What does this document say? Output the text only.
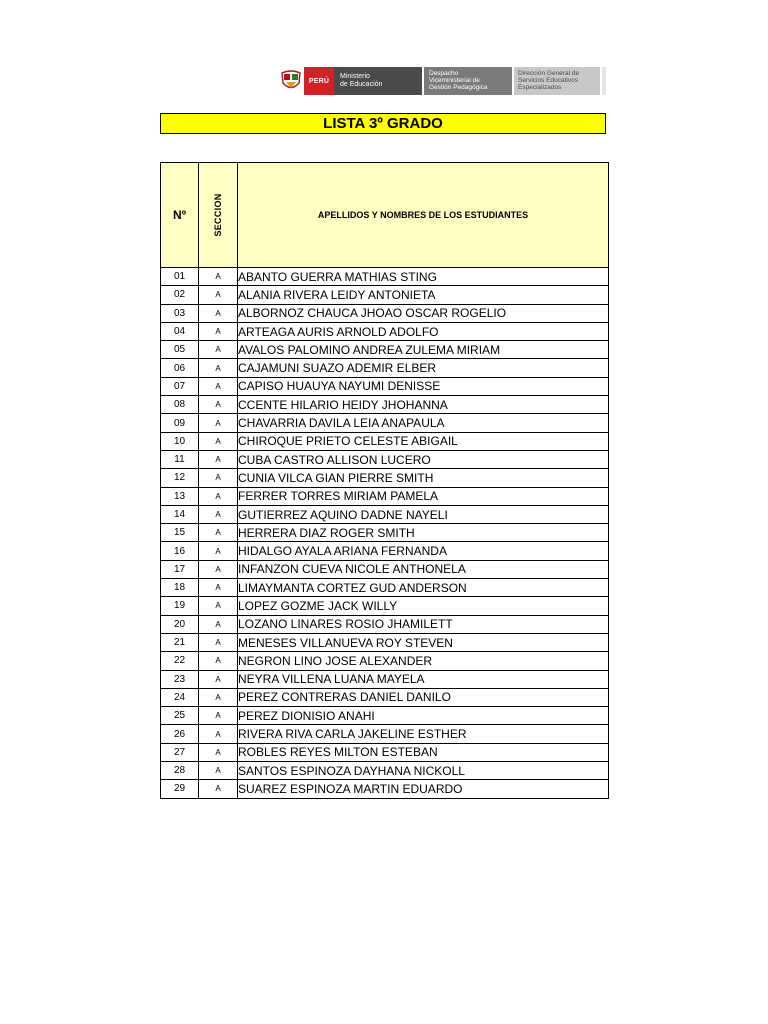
PERÚ
Ministerio
de Educación
Despacho
Viceministerial de
Gestión Pedagógica
Dirección General de
Servicios Educativos
Especializados
LISTA 3º GRADO
Nº	SECCION	APELLIDOS Y NOMBRES DE LOS ESTUDIANTES
01	A	ABANTO GUERRA MATHIAS STING
02	A	ALANIA RIVERA LEIDY ANTONIETA
03	A	ALBORNOZ CHAUCA JHOAO OSCAR ROGELIO
04	A	ARTEAGA AURIS ARNOLD ADOLFO
05	A	AVALOS PALOMINO ANDREA ZULEMA MIRIAM
06	A	CAJAMUNI SUAZO ADEMIR ELBER
07	A	CAPISO HUAUYA NAYUMI DENISSE
08	A	CCENTE HILARIO HEIDY JHOHANNA
09	A	CHAVARRIA DAVILA LEIA ANAPAULA
10	A	CHIROQUE PRIETO CELESTE ABIGAIL
11	A	CUBA CASTRO ALLISON LUCERO
12	A	CUNIA VILCA GIAN PIERRE SMITH
13	A	FERRER TORRES MIRIAM PAMELA
14	A	GUTIERREZ AQUINO DADNE NAYELI
15	A	HERRERA DIAZ ROGER SMITH
16	A	HIDALGO AYALA ARIANA FERNANDA
17	A	INFANZON CUEVA NICOLE ANTHONELA
18	A	LIMAYMANTA CORTEZ GUD ANDERSON
19	A	LOPEZ GOZME JACK WILLY
20	A	LOZANO LINARES ROSIO JHAMILETT
21	A	MENESES VILLANUEVA ROY STEVEN
22	A	NEGRON LINO JOSE ALEXANDER
23	A	NEYRA VILLENA LUANA MAYELA
24	A	PEREZ CONTRERAS DANIEL DANILO
25	A	PEREZ DIONISIO ANAHI
26	A	RIVERA RIVA CARLA JAKELINE ESTHER
27	A	ROBLES REYES MILTON ESTEBAN
28	A	SANTOS ESPINOZA DAYHANA NICKOLL
29	A	SUAREZ ESPINOZA MARTIN EDUARDO
